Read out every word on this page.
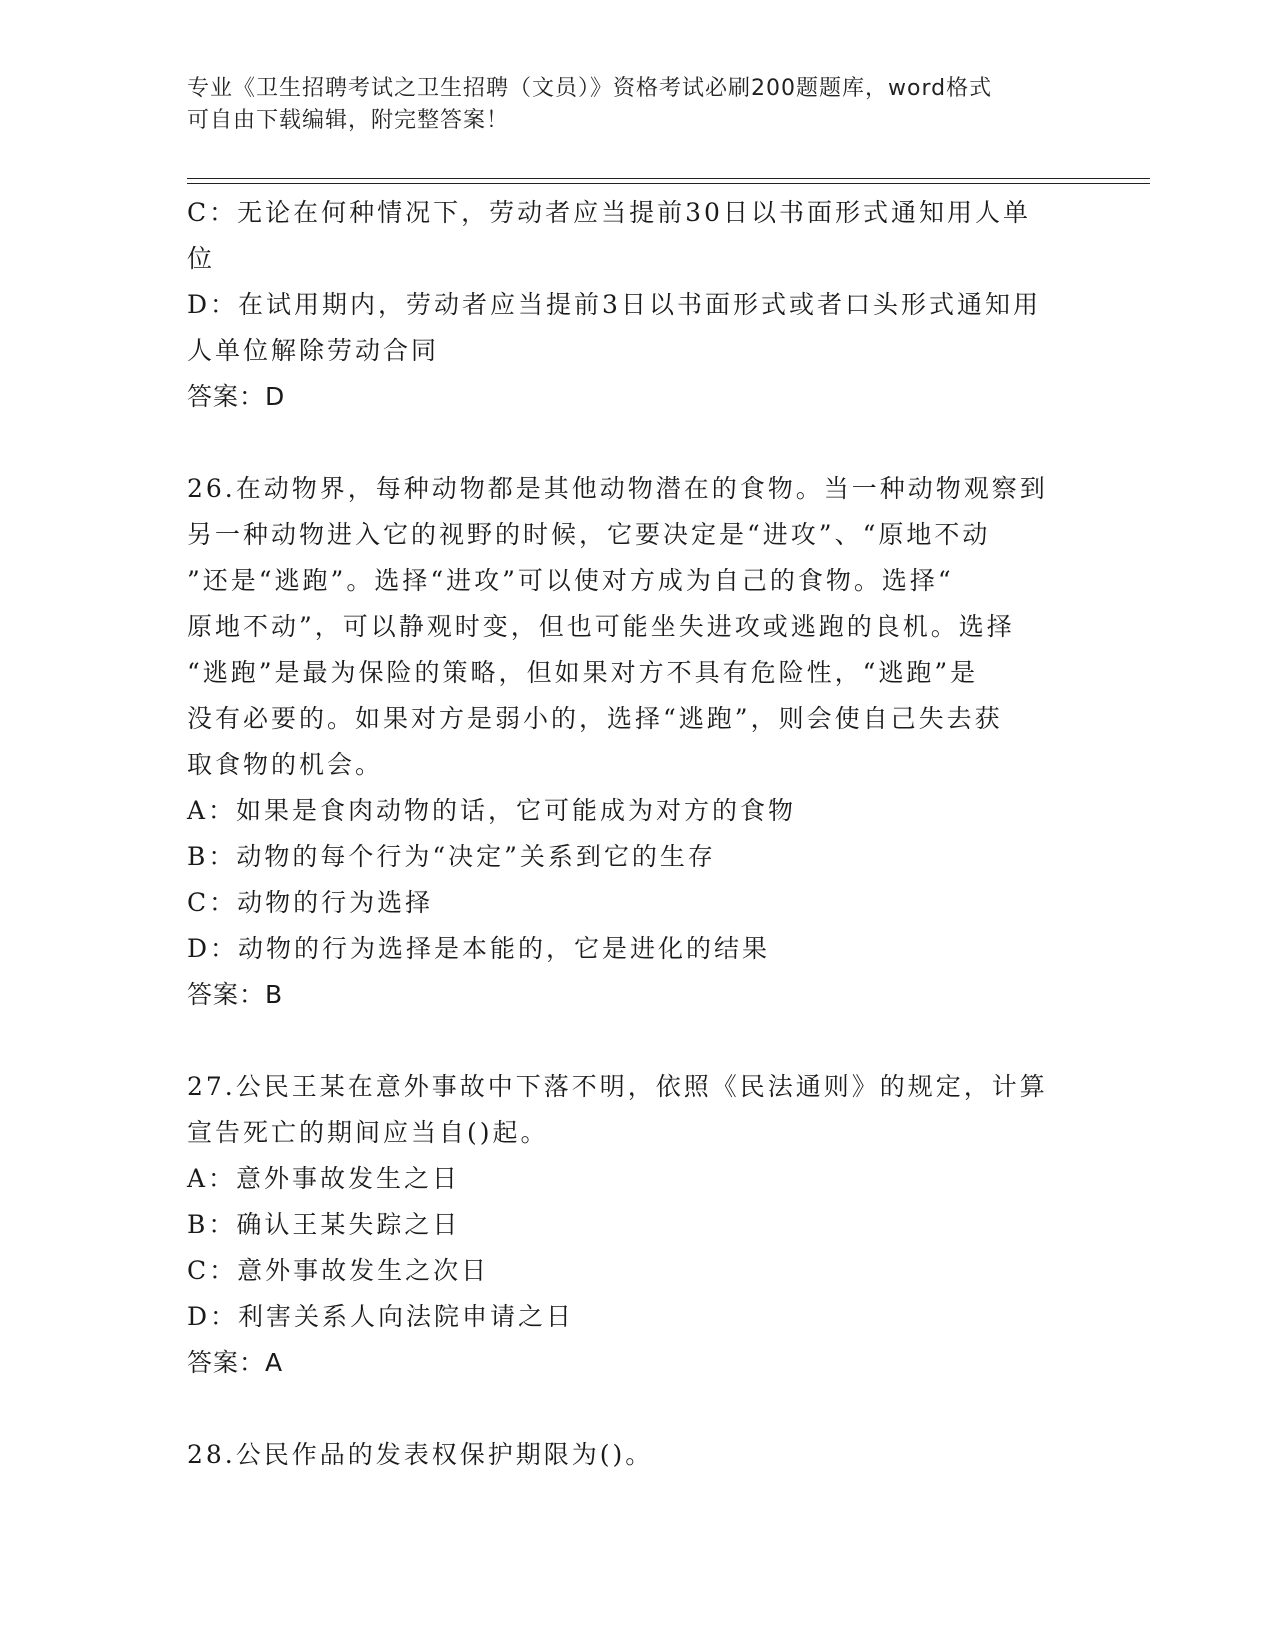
专业《卫生招聘考试之卫生招聘（文员）》资格考试必刷200题题库，word格式
可自由下载编辑，附完整答案！

C：无论在何种情况下，劳动者应当提前30日以书面形式通知用人单

位

D：在试用期内，劳动者应当提前3日以书面形式或者口头形式通知用

人单位解除劳动合同

答案：D

26.在动物界，每种动物都是其他动物潜在的食物。当一种动物观察到

另一种动物进入它的视野的时候，它要决定是“进攻”、“原地不动

”还是“逃跑”。选择“进攻”可以使对方成为自己的食物。选择“

原地不动”，可以静观时变，但也可能坐失进攻或逃跑的良机。选择

“逃跑”是最为保险的策略，但如果对方不具有危险性，“逃跑”是

没有必要的。如果对方是弱小的，选择“逃跑”，则会使自己失去获

取食物的机会。

A：如果是食肉动物的话，它可能成为对方的食物

B：动物的每个行为“决定”关系到它的生存

C：动物的行为选择

D：动物的行为选择是本能的，它是进化的结果

答案：B

27.公民王某在意外事故中下落不明，依照《民法通则》的规定，计算

宣告死亡的期间应当自()起。

A：意外事故发生之日

B：确认王某失踪之日

C：意外事故发生之次日

D：利害关系人向法院申请之日

答案：A

28.公民作品的发表权保护期限为()。
